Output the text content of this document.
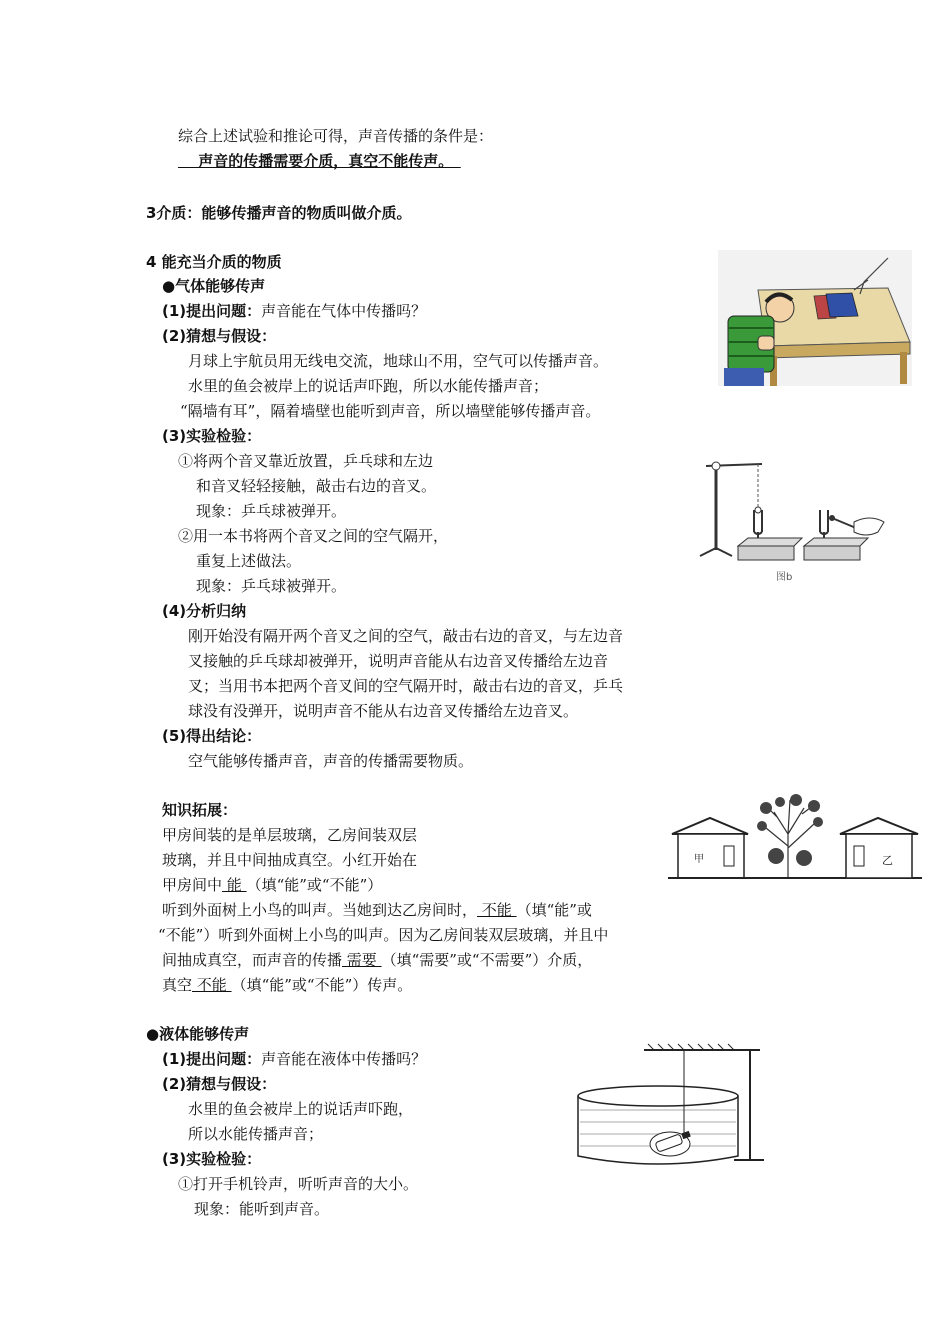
综合上述试验和推论可得，声音传播的条件是：
　 声音的传播需要介质，真空不能传声。　
3介质：能够传播声音的物质叫做介质。
4 能充当介质的物质
●气体能够传声
(1)提出问题：声音能在气体中传播吗？
(2)猜想与假设：
月球上宇航员用无线电交流，地球山不用，空气可以传播声音。
水里的鱼会被岸上的说话声吓跑，所以水能传播声音；
“隔墙有耳”，隔着墙壁也能听到声音，所以墙壁能够传播声音。
(3)实验检验：
①将两个音叉靠近放置，乒乓球和左边
和音叉轻轻接触，敲击右边的音叉。
现象：乒乓球被弹开。
②用一本书将两个音叉之间的空气隔开，
重复上述做法。
现象：乒乓球被弹开。
(4)分析归纳
刚开始没有隔开两个音叉之间的空气，敲击右边的音叉，与左边音
叉接触的乒乓球却被弹开，说明声音能从右边音叉传播给左边音
叉；当用书本把两个音叉间的空气隔开时，敲击右边的音叉，乒乓
球没有没弹开，说明声音不能从右边音叉传播给左边音叉。
(5)得出结论：
空气能够传播声音，声音的传播需要物质。
知识拓展：
甲房间装的是单层玻璃，乙房间装双层
玻璃，并且中间抽成真空。小红开始在
甲房间中 能 （填“能”或“不能”）
听到外面树上小鸟的叫声。当她到达乙房间时， 不能 （填“能”或
“不能”）听到外面树上小鸟的叫声。因为乙房间装双层玻璃，并且中
间抽成真空，而声音的传播 需要 （填“需要”或“不需要”）介质，
真空 不能 （填“能”或“不能”）传声。
●液体能够传声
(1)提出问题：声音能在液体中传播吗？
(2)猜想与假设：
水里的鱼会被岸上的说话声吓跑，
所以水能传播声音；
(3)实验检验：
①打开手机铃声，听听声音的大小。
现象：能听到声音。
图b
甲	乙
